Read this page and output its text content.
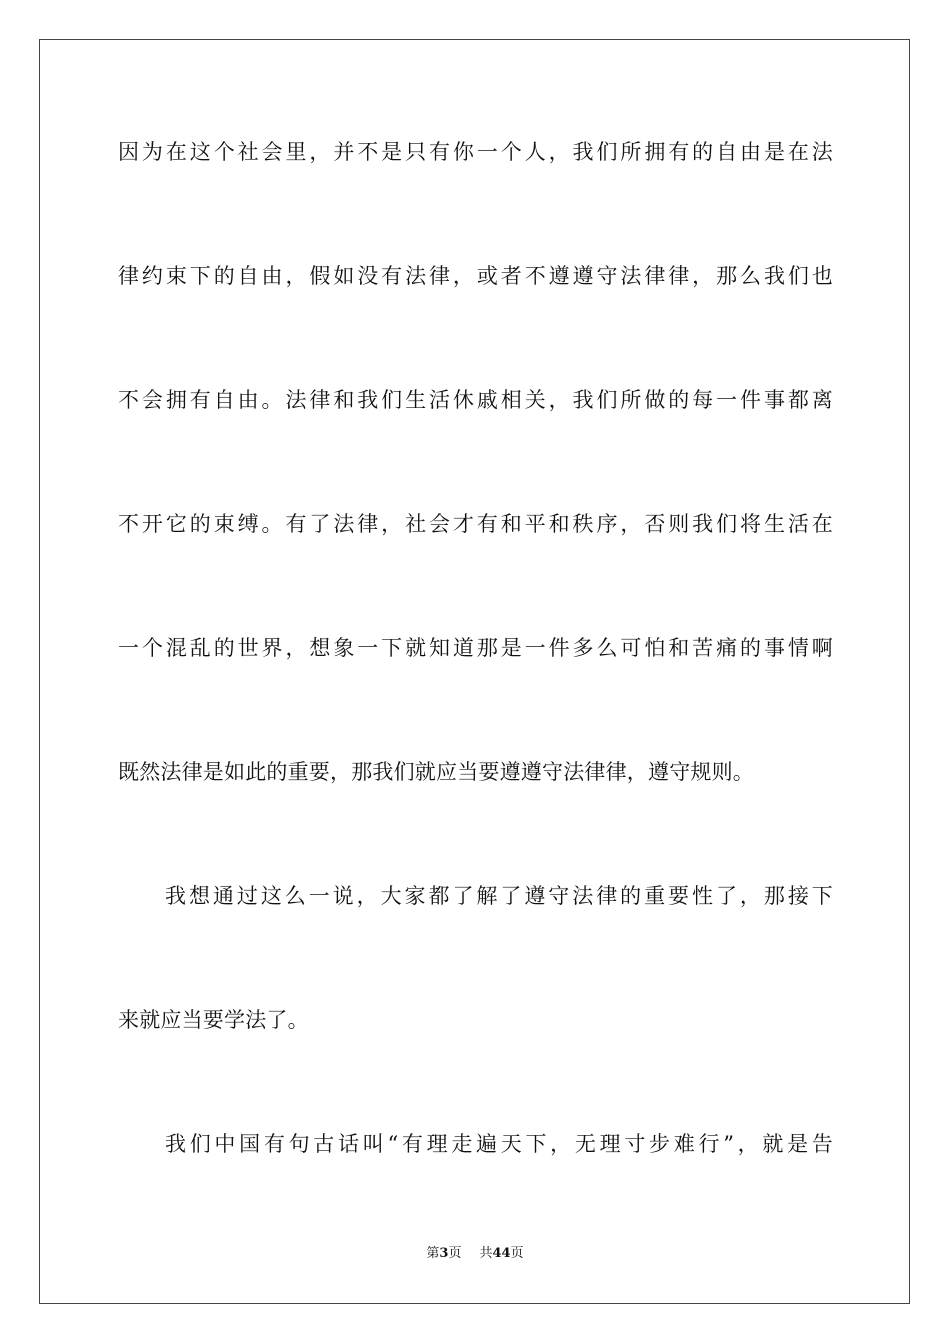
因为在这个社会里，并不是只有你一个人，我们所拥有的自由是在法
律约束下的自由，假如没有法律，或者不遵遵守法律律，那么我们也
不会拥有自由。法律和我们生活休戚相关，我们所做的每一件事都离
不开它的束缚。有了法律，社会才有和平和秩序，否则我们将生活在
一个混乱的世界，想象一下就知道那是一件多么可怕和苦痛的事情啊
既然法律是如此的重要，那我们就应当要遵遵守法律律，遵守规则。
我想通过这么一说，大家都了解了遵守法律的重要性了，那接下
来就应当要学法了。
我们中国有句古话叫“有理走遍天下，无理寸步难行”，就是告
第3页 共44页
